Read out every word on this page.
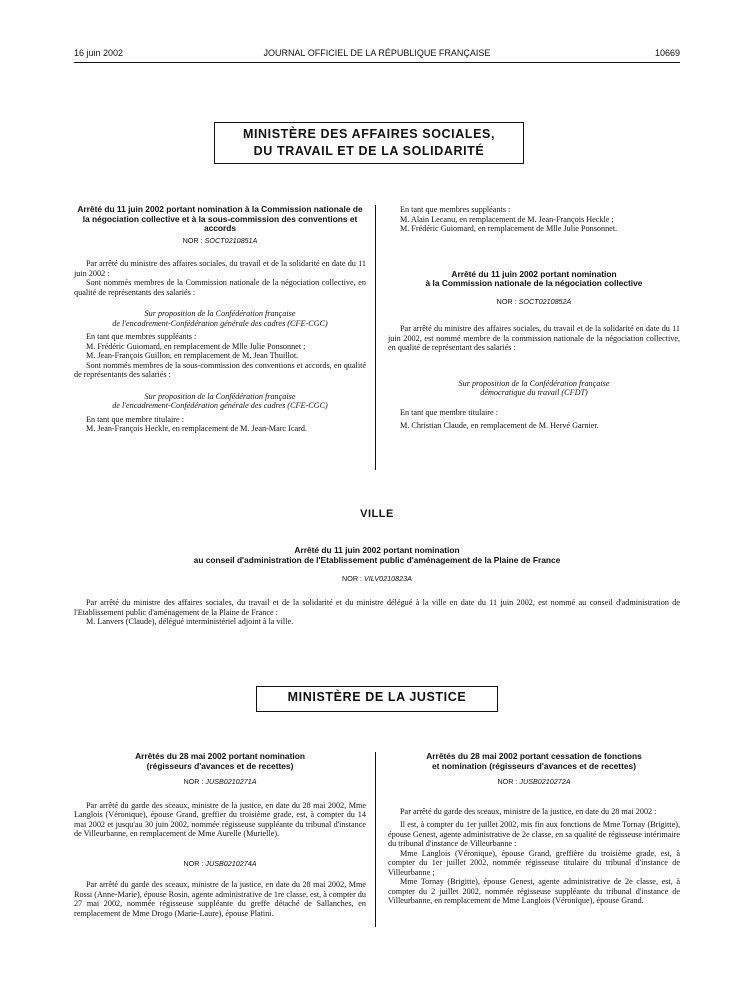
16 juin 2002	JOURNAL OFFICIEL DE LA RÉPUBLIQUE FRANÇAISE	10669
MINISTÈRE DES AFFAIRES SOCIALES,
DU TRAVAIL ET DE LA SOLIDARITÉ
Arrêté du 11 juin 2002 portant nomination à la Commission nationale de la négociation collective et à la sous-commission des conventions et accords
NOR : SOCT0210851A

Par arrêté du ministre des affaires sociales, du travail et de la solidarité en date du 11 juin 2002 :

Sont nommés membres de la Commission nationale de la négociation collective, en qualité de représentants des salariés :

Sur proposition de la Confédération française

de l'encadrement-Confédération générale des cadres (CFE-CGC)

En tant que membres suppléants :

M. Frédéric Guiomard, en remplacement de Mlle Julie Ponsonnet ;

M. Jean-François Guillon, en remplacement de M. Jean Thuillot.

Sont nommés membres de la sous-commission des conventions et accords, en qualité de représentants des salariés :

Sur proposition de la Confédération française

de l'encadrement-Confédération générale des cadres (CFE-CGC)

En tant que membre titulaire :

M. Jean-François Heckle, en remplacement de M. Jean-Marc Icard.

En tant que membres suppléants :

M. Alain Lecanu, en remplacement de M. Jean-François Heckle ;

M. Frédéric Guiomard, en remplacement de Mlle Julie Ponsonnet.

Arrêté du 11 juin 2002 portant nomination
à la Commission nationale de la négociation collective
NOR : SOCT0210852A

Par arrêté du ministre des affaires sociales, du travail et de la solidarité en date du 11 juin 2002, est nommé membre de la commission nationale de la négociation collective, en qualité de représentant des salariés :

Sur proposition de la Confédération française

démocratique du travail (CFDT)

En tant que membre titulaire :

M. Christian Claude, en remplacement de M. Hervé Garnier.

VILLE
Arrêté du 11 juin 2002 portant nomination
au conseil d'administration de l'Etablissement public d'aménagement de la Plaine de France
NOR : VILV0210823A

Par arrêté du ministre des affaires sociales, du travail et de la solidarité et du ministre délégué à la ville en date du 11 juin 2002, est nommé au conseil d'administration de l'Etablissement public d'aménagement de la Plaine de France :

M. Lanvers (Claude), délégué interministériel adjoint à la ville.

MINISTÈRE DE LA JUSTICE
Arrêtés du 28 mai 2002 portant nomination
(régisseurs d'avances et de recettes)
NOR : JUSB0210271A

Par arrêté du garde des sceaux, ministre de la justice, en date du 28 mai 2002, Mme Langlois (Véronique), épouse Grand, greffier du troisième grade, est, à compter du 14 mai 2002 et jusqu'au 30 juin 2002, nommée régisseuse suppléante du tribunal d'instance de Villeurbanne, en remplacement de Mme Aurelle (Murielle).

NOR : JUSB0210274A

Par arrêté du garde des sceaux, ministre de la justice, en date du 28 mai 2002, Mme Rossi (Anne-Marie), épouse Rosin, agente administrative de 1re classe, est, à compter du 27 mai 2002, nommée régisseuse suppléante du greffe détaché de Sallanches, en remplacement de Mme Drogo (Marie-Laure), épouse Platini.

Arrêtés du 28 mai 2002 portant cessation de fonctions
et nomination (régisseurs d'avances et de recettes)
NOR : JUSB0210272A

Par arrêté du garde des sceaux, ministre de la justice, en date du 28 mai 2002 :

Il est, à compter du 1er juillet 2002, mis fin aux fonctions de Mme Tornay (Brigitte), épouse Genest, agente administrative de 2e classe, en sa qualité de régisseuse intérimaire du tribunal d'instance de Villeurbanne :

Mme Langlois (Véronique), épouse Grand, greffière du troisième grade, est, à compter du 1er juillet 2002, nommée régisseuse titulaire du tribunal d'instance de Villeurbanne ;

Mme Tornay (Brigitte), épouse Genest, agente administrative de 2e classe, est, à compter du 2 juillet 2002, nommée régisseuse suppléante du tribunal d'instance de Villeurbanne, en remplacement de Mme Langlois (Véronique), épouse Grand.
